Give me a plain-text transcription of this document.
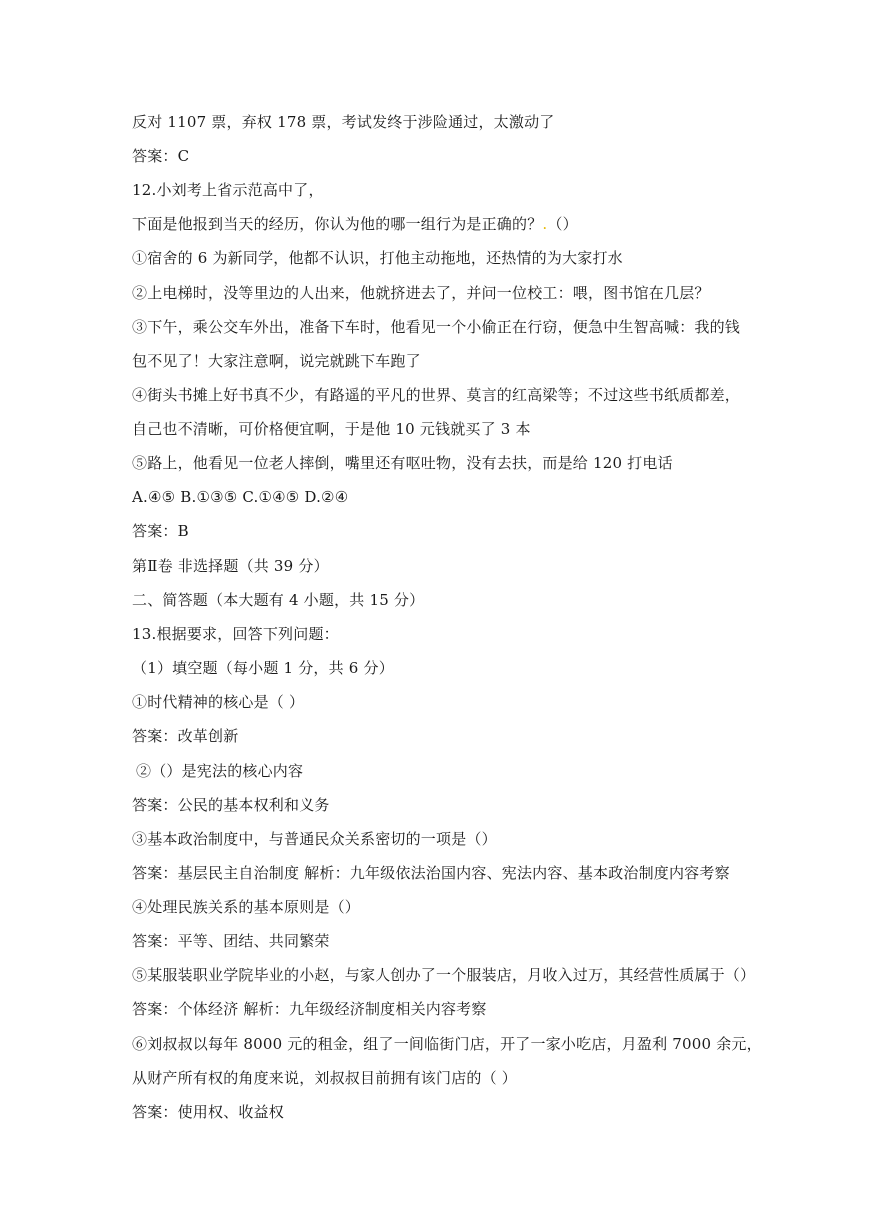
反对 1107 票，弃权 178 票，考试发终于涉险通过，太激动了
答案：C
12.小刘考上省示范高中了，
下面是他报到当天的经历，你认为他的哪一组行为是正确的？.（）
①宿舍的 6 为新同学，他都不认识，打他主动拖地，还热情的为大家打水
②上电梯时，没等里边的人出来，他就挤进去了，并问一位校工：喂，图书馆在几层？
③下午，乘公交车外出，准备下车时，他看见一个小偷正在行窃，便急中生智高喊：我的钱
包不见了！大家注意啊，说完就跳下车跑了
④街头书摊上好书真不少，有路遥的平凡的世界、莫言的红高梁等；不过这些书纸质都差，
自己也不清晰，可价格便宜啊，于是他 10 元钱就买了 3 本
⑤路上，他看见一位老人摔倒，嘴里还有呕吐物，没有去扶，而是给 120 打电话
A.④⑤ B.①③⑤ C.①④⑤ D.②④
答案：B
第Ⅱ卷 非选择题（共 39 分）
二、简答题（本大题有 4 小题，共 15 分）
13.根据要求，回答下列问题：
（1）填空题（每小题 1 分，共 6 分）
①时代精神的核心是（ ）
答案：改革创新
②（）是宪法的核心内容
答案：公民的基本权利和义务
③基本政治制度中，与普通民众关系密切的一项是（）
答案：基层民主自治制度 解析：九年级依法治国内容、宪法内容、基本政治制度内容考察
④处理民族关系的基本原则是（）
答案：平等、团结、共同繁荣
⑤某服装职业学院毕业的小赵，与家人创办了一个服装店，月收入过万，其经营性质属于（）
答案：个体经济 解析：九年级经济制度相关内容考察
⑥刘叔叔以每年 8000 元的租金，组了一间临街门店，开了一家小吃店，月盈利 7000 余元，
从财产所有权的角度来说，刘叔叔目前拥有该门店的（ ）
答案：使用权、收益权
